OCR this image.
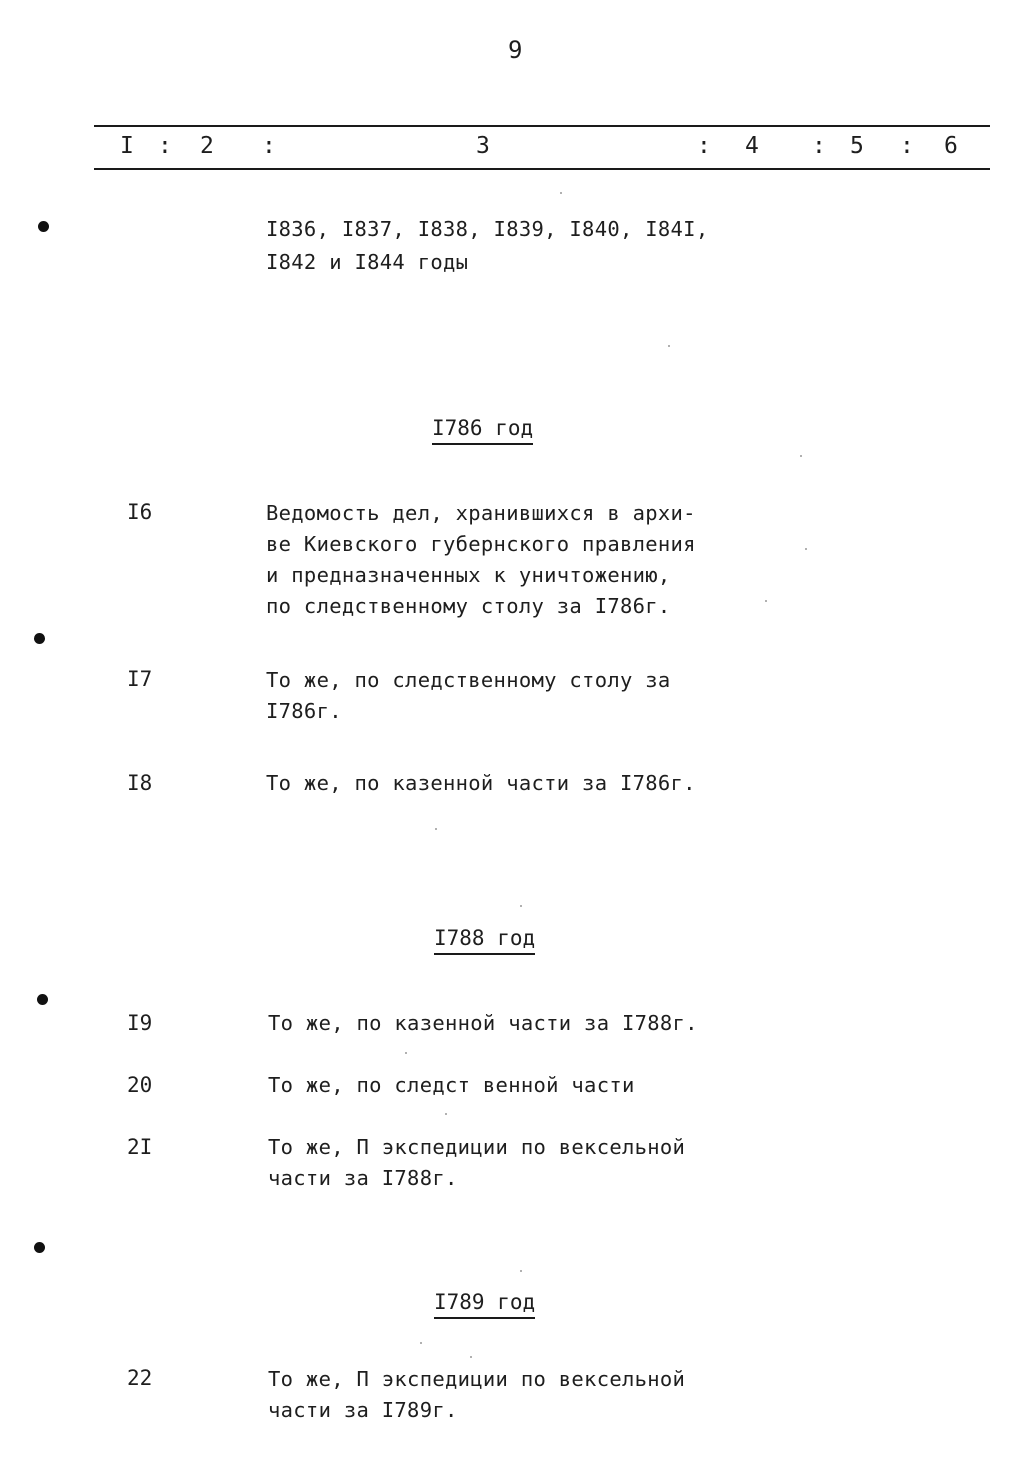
9
I : 2 :	3	: 4 : 5 : 6
I836, I837, I838, I839, I840, I84I,
I842 и I844 годы
I786 год
I6	Ведомость дел, хранившихся в архи-
ве Киевского губернского правления
и предназначенных к уничтожению,
по следственному столу за I786г.
I7	То же, по следственному столу за
I786г.
I8	То же, по казенной части за I786г.
I788 год
I9	То же, по казенной части за I788г.
20	То же, по следст венной части
2I	То же, П экспедиции по вексельной
части за I788г.
I789 год
22	То же, П экспедиции по вексельной
части за I789г.
